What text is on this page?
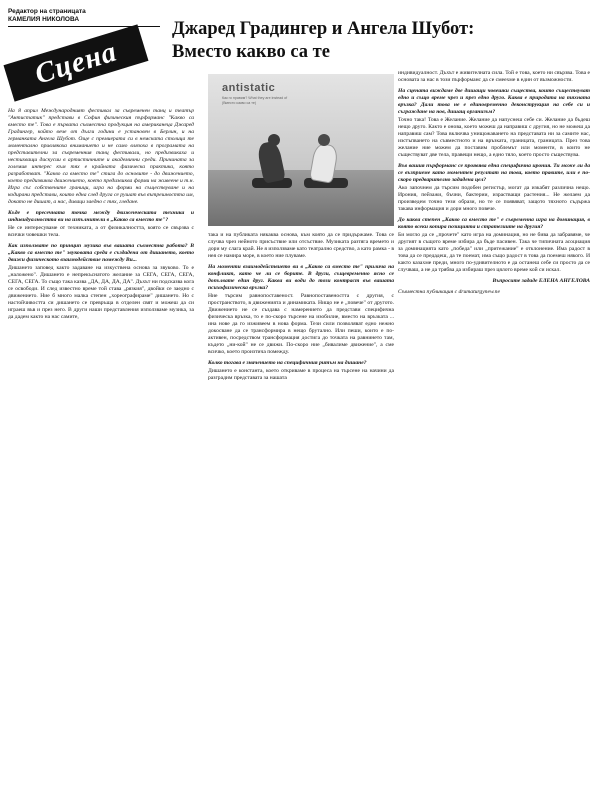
Редактор на страницата
КАМЕЛИЯ НИКОЛОВА
Сцена
Джаред Градингер и Ангела Шубот:
Вместо какво са те

На 8 април Международният фестивал за съвременен танц и театър "Антистатик" представи в София физическия пърформанс "Какво са вместо те". Това е първата съвместна продукция на американеца Джаред Градингер, който вече от дълги години е установен в Берлин, и на германката Ангела Шубот. Още с премиерата си в немската столица те моментално привлякоха вниманието и не само влязоха в програмата на представителни за съвременния танц фестивали, но предизвикаха и нестихващи дискусии в артистичните и академични среди. Причината за големия интерес към тях е крайната физическа практика, която разработват. "Какво са вместо те" стига до основите - до движението, което предизвиква движението, което предизвиква форми на живеене и т.н. Игра със собствените граници, игра на форми на съществуване и на кодирани представи, които една след друга се рушат във вътрешността им, докато не дишат, а нас, диваци заедно с тях, гледане.

Къде е пресечната точка между движенческата техника и индивидуалността ви на изпълнители в „Какво са вместо те"?

Не се интересуваме от техниката, а от физикалността, която се свързва с всички човешки тела.

Как използвате по принцип музика във вашата съвместна работа? В „Какво са вместо те" звуковата среда е създадена от дишането, което движи физическото взаимодействие помежду Ви...

Дишането заповед както задаване на изкуствена основа за звуково. То е „наложено". Дишането е непрекъснатото желание за СЕГА, СЕГА, СЕГА, СЕГА, СЕГА. То също така казва „ДА, ДА, ДА, ДА". Дъхът ни подсказва кога се освободи. И след известно време той става „рязкия", двойки се заедно с движението. Ние б много малка степен „хореографираме" дишането. Но с настойчивостта си дишането се превръща в отделен свят и можеш да си играеш във и през него. В други наши представления използваме музика, за да дадем както на нас самите,

antistatic
Как го правим? What they are instead of (Вместо какво са те)

така и на публиката някаква основа, към която да се придържаме. Това се случва чрез нейното присъствие или отсъствие. Музиката разтяга времето и дори му слага край. Не я използваме като театрално средство, а като рамка - в нея се намира море, в което ние плуваме.

На моменти взаимодействието ви в „Какво са вместо те" прилича на конфликт, като че ли се борите. В други, същевременно ясно се допълвате един друг. Каква ви води до този контраст във вашата психофизическа връзка?

Ние търсим равнопоставеност. Равнопоставеността с другия, с пространството, в движенията и динамиката. Нищо не е „повече" от другото. Движението не се създава с намерението да представи специфична физическа връзка, то е по-скоро търсене на изобилие, вместо на връзката ... ина нове да го изживеем в нова форма. Тези сили позволяват едно нежно докосване да се трансформира в нещо брутално. Или пеши, които е по-активен, посредством трансформация достига до точката на равнинето там, където „ни-кой" не се движи. По-скоро ние „бивалиме движение", а сме всичко, което произтича помежду.

Колко тогава е значението на специфичния ритъм на дишане?

Дишането е константа, което откриваме в процеса на търсене на начини да разградим представата за нашата

индивидуалност. Дъхът е живителната сила. Той е това, което ни свързва. Това е основата за нас в този пърформанс да се смеехме в един от възможности.

На сцената виждаме две дишащи човешки същества, които съществуват едно и също време чрез и през едно друго. Каква е природата на тяхната връзка? Дали това не е единовременно деконструкция на себе си и съграждане на нов, дишащ организъм?

Точно така! Това е Желание. Желание да напуснеш себе си. Желание да бъдеш нещо друго. Както е онова, което можеш да направиш с другия, но не можеш да направиш сам? Това включва унищожаването на представата ни за самите нас, изстъпването на съвместното и на връзката, границата, границата. През това желание ние можем да поставим проблемът или моменти, в които не съществуват две тела, правещи нещо, а едно тяло, което просто съществува.

Във вашия пърформанс се проявява една специфична ирония. Ти може ли да се възприеме като моментен резултат на това, което правите, или е по-скоро предварително зададена цел?

Ако започнем да търсим подобен регистър, могат да изкабят различна нещо. Ирония, пейзажи, бъчни, бактерии, израстващи растения... Не желаем да произведем точно тези образи, но те се появяват, защото тяхното съдържа такава информация и дори много повече.

До каква степен „Какво са вместо те" е съвременна игра на доминация, в която всеки копира позицията и стратегиите на другия?

Би могло да се „прочете" като игра на доминация, но не бива да забравяме, че другият в същото време избира да бъде пасивен. Така че типичната асоциация за доминацията като „победа" или „притежание" е отклонение. Има радост в това да се предадеш, да те поемат, има също радост в това да поемеш някого. И както казахме преди, много по-удивителното е да останеш себе си просто да се случваш, а не да трябва да избираш през цялото време кой си искал.

Въпросите зададе ЕЛЕНА АНГЕЛОВА

Съвместна публикация с drumaturgynew.ne
